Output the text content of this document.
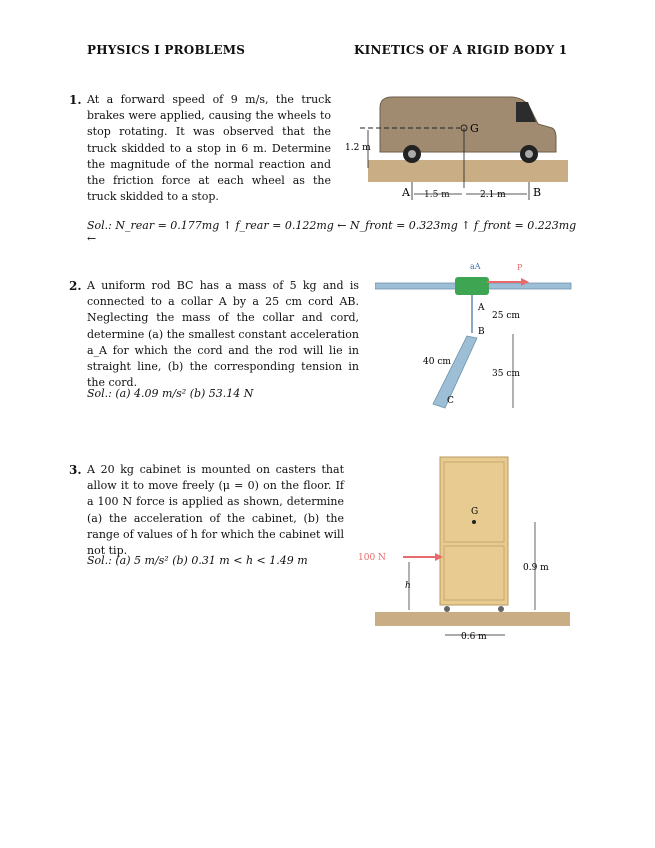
PHYSICS I PROBLEMS	KINETICS OF A RIGID BODY 1
1. At a forward speed of 9 m/s, the truck brakes were applied, causing the wheels to stop rotating. It was observed that the truck skidded to a stop in 6 m. Determine the magnitude of the normal reaction and the friction force at each wheel as the truck skidded to a stop.
Sol.: N_rear = 0.177mg ↑ f_rear = 0.122mg ← N_front = 0.323mg ↑ f_front = 0.223mg ←
G
1.2 m
A	B
1.5 m	2.1 m
2. A uniform rod BC has a mass of 5 kg and is connected to a collar A by a 25 cm cord AB. Neglecting the mass of the collar and cord, determine (a) the smallest constant acceleration a_A for which the cord and the rod will lie in straight line, (b) the corresponding tension in the cord.
Sol.: (a) 4.09 m/s² (b) 53.14 N
aA	P
A
B
C
25 cm
40 cm
35 cm
3. A 20 kg cabinet is mounted on casters that allow it to move freely (μ = 0) on the floor. If a 100 N force is applied as shown, determine (a) the acceleration of the cabinet, (b) the range of values of h for which the cabinet will not tip.
Sol.: (a) 5 m/s² (b) 0.31 m < h < 1.49 m
G
100 N
h
0.9 m
0.6 m
